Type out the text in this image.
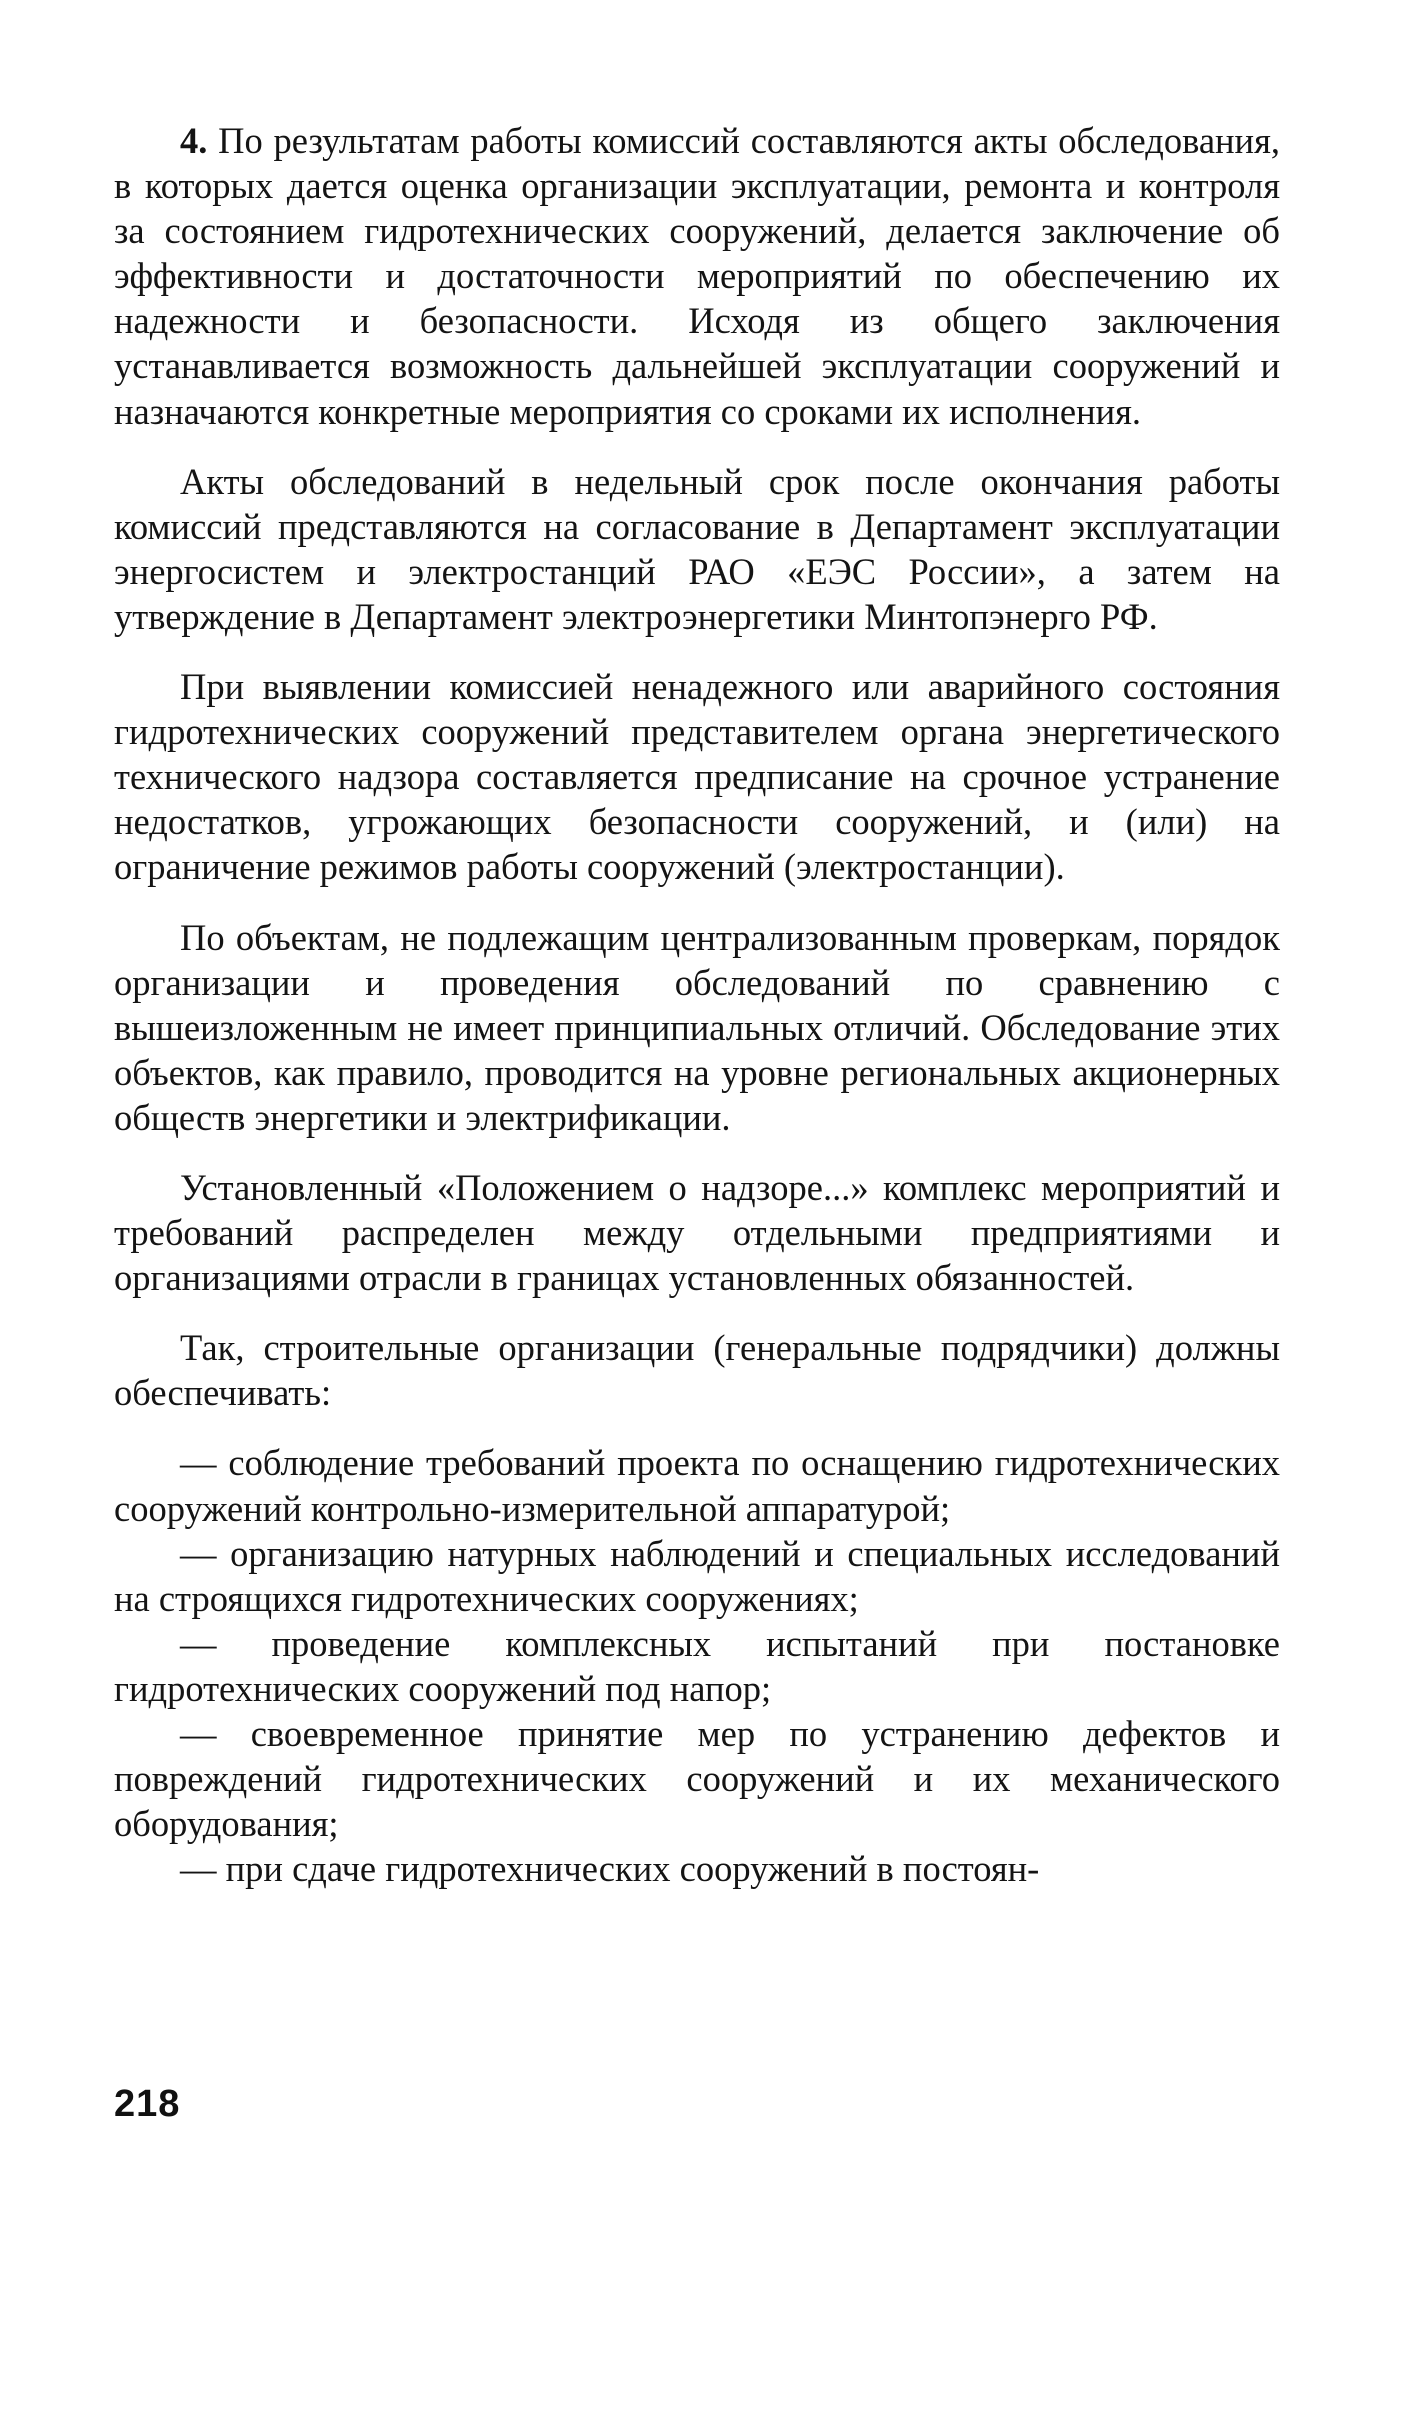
4. По результатам работы комиссий составляются акты обследования, в которых дается оценка организации эксплуатации, ремонта и контроля за состоянием гидротехнических сооружений, делается заключение об эффективности и достаточности мероприятий по обеспечению их надежности и безопасности. Исходя из общего заключения устанавливается возможность дальнейшей эксплуатации сооружений и назначаются конкретные мероприятия со сроками их исполнения.

Акты обследований в недельный срок после окончания работы комиссий представляются на согласование в Департамент эксплуатации энергосистем и электростанций РАО «ЕЭС России», а затем на утверждение в Департамент электроэнергетики Минтопэнерго РФ.

При выявлении комиссией ненадежного или аварийного состояния гидротехнических сооружений представителем органа энергетического технического надзора составляется предписание на срочное устранение недостатков, угрожающих безопасности сооружений, и (или) на ограничение режимов работы сооружений (электростанции).

По объектам, не подлежащим централизованным проверкам, порядок организации и проведения обследований по сравнению с вышеизложенным не имеет принципиальных отличий. Обследование этих объектов, как правило, проводится на уровне региональных акционерных обществ энергетики и электрификации.

Установленный «Положением о надзоре...» комплекс мероприятий и требований распределен между отдельными предприятиями и организациями отрасли в границах установленных обязанностей.

Так, строительные организации (генеральные подрядчики) должны обеспечивать:

— соблюдение требований проекта по оснащению гидротехнических сооружений контрольно-измерительной аппаратурой;

— организацию натурных наблюдений и специальных исследований на строящихся гидротехнических сооружениях;

— проведение комплексных испытаний при постановке гидротехнических сооружений под напор;

— своевременное принятие мер по устранению дефектов и повреждений гидротехнических сооружений и их механического оборудования;

— при сдаче гидротехнических сооружений в постоян-

218
